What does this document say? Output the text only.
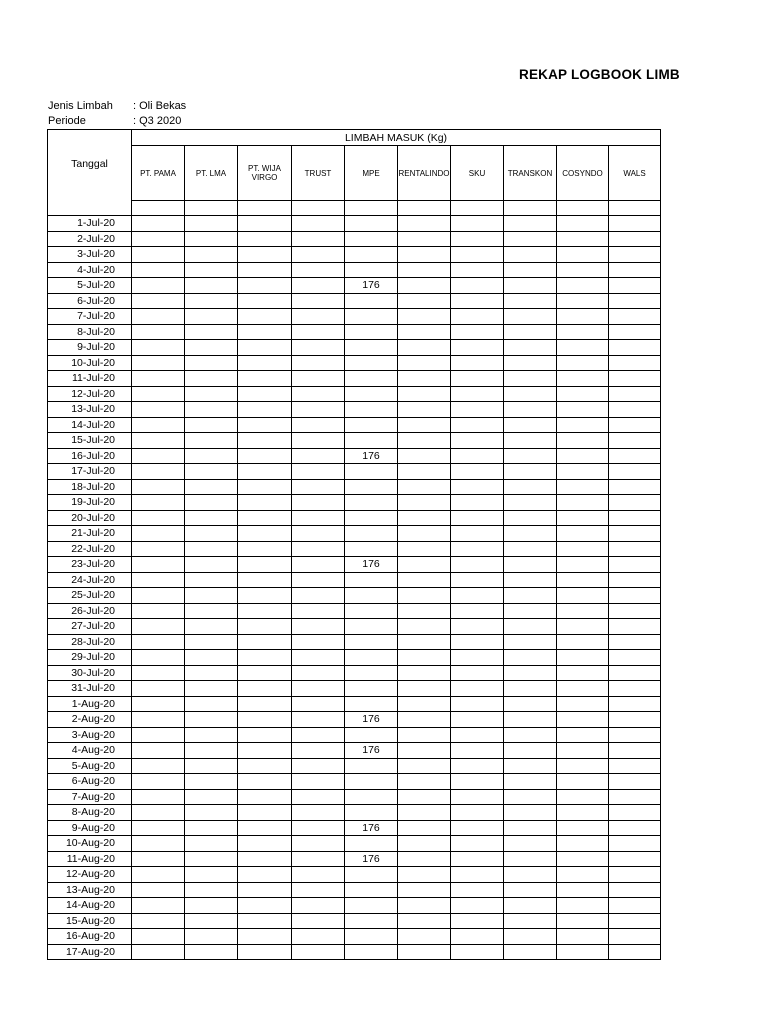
REKAP LOGBOOK LIMB
Jenis Limbah : Oli Bekas
Periode	: Q3 2020
Tanggal	LIMBAH MASUK (Kg)									
	PT. PAMA	PT. LMA	PT. WIJA VIRGO	TRUST	MPE	RENTALINDO	SKU	TRANSKON	COSYNDO	WALS

1-Jul-20										
2-Jul-20										
3-Jul-20										
4-Jul-20										
5-Jul-20					176					
6-Jul-20										
7-Jul-20										
8-Jul-20										
9-Jul-20										
10-Jul-20										
11-Jul-20										
12-Jul-20										
13-Jul-20										
14-Jul-20										
15-Jul-20										
16-Jul-20					176					
17-Jul-20										
18-Jul-20										
19-Jul-20										
20-Jul-20										
21-Jul-20										
22-Jul-20										
23-Jul-20					176					
24-Jul-20										
25-Jul-20										
26-Jul-20										
27-Jul-20										
28-Jul-20										
29-Jul-20										
30-Jul-20										
31-Jul-20										
1-Aug-20										
2-Aug-20					176					
3-Aug-20										
4-Aug-20					176					
5-Aug-20										
6-Aug-20										
7-Aug-20										
8-Aug-20										
9-Aug-20					176					
10-Aug-20										
11-Aug-20					176					
12-Aug-20										
13-Aug-20										
14-Aug-20										
15-Aug-20										
16-Aug-20										
17-Aug-20										
